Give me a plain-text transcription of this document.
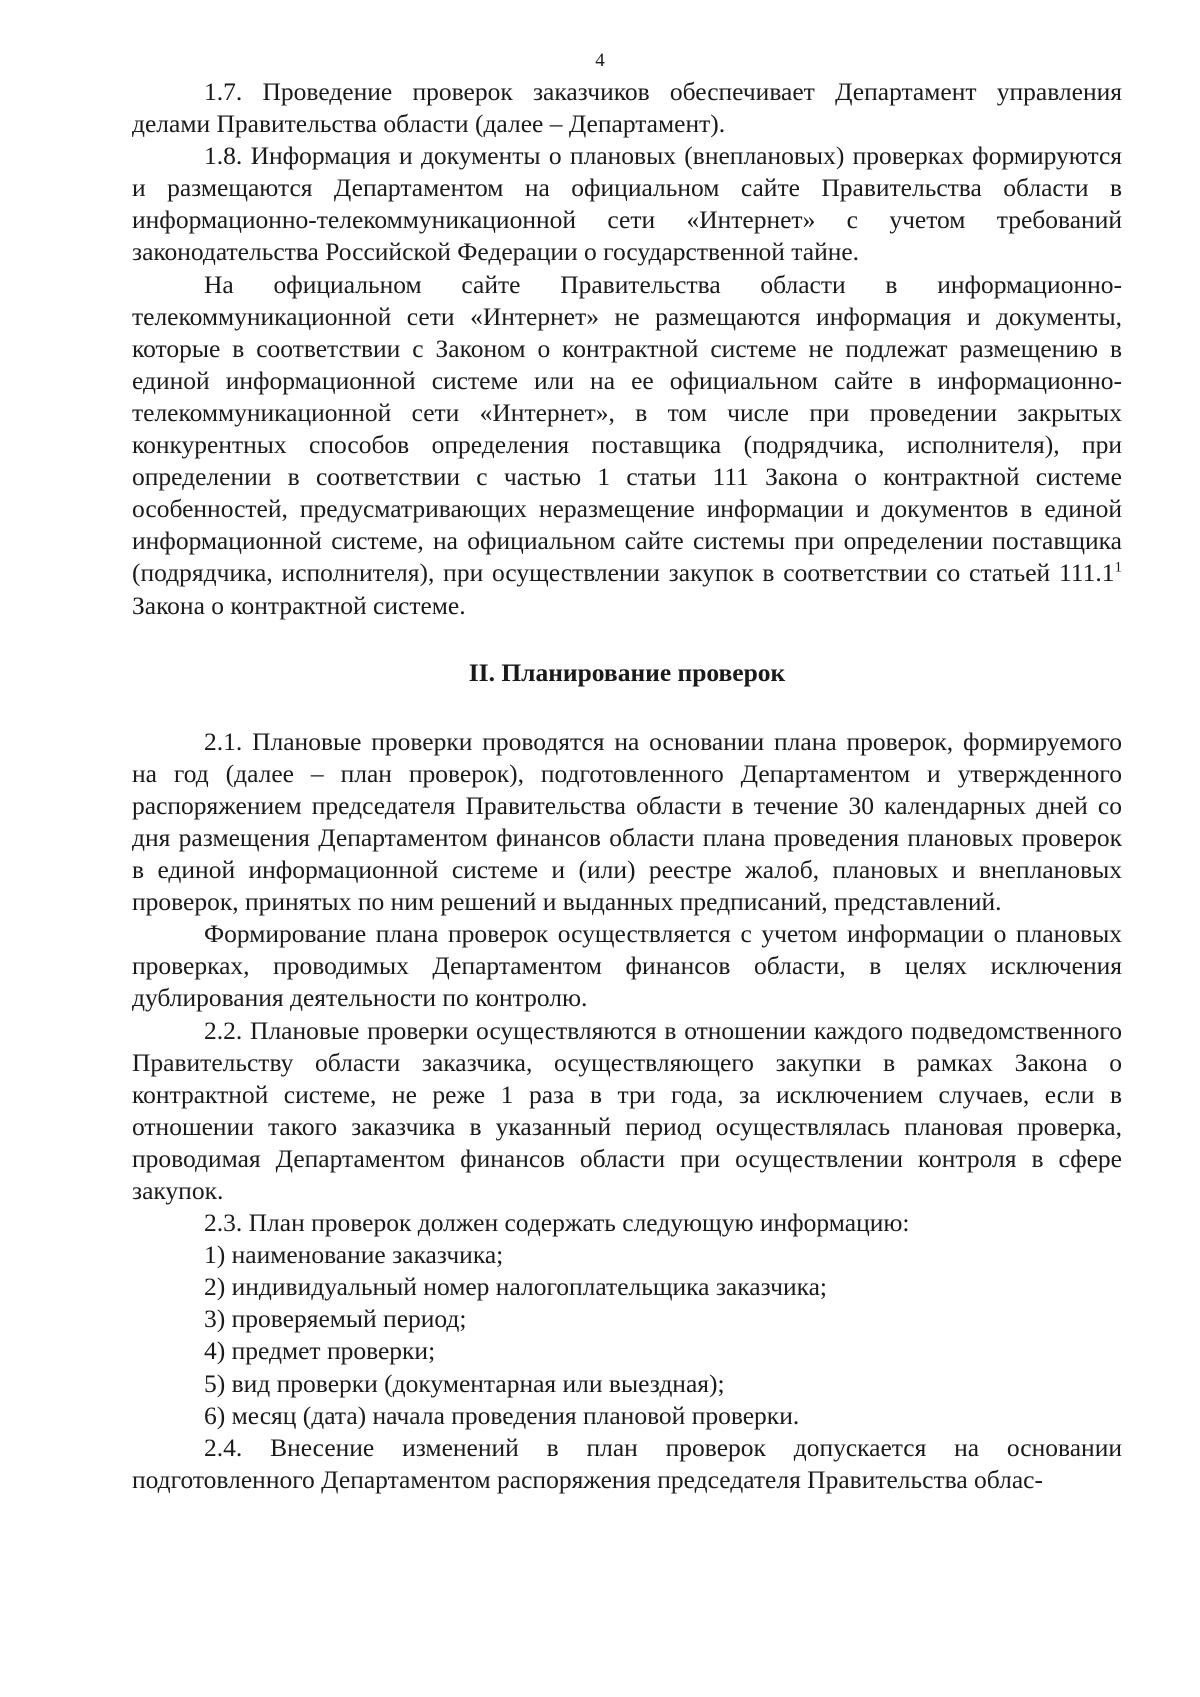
4

1.7. Проведение проверок заказчиков обеспечивает Департамент управления делами Правительства области (далее – Департамент).

1.8. Информация и документы о плановых (внеплановых) проверках формируются и размещаются Департаментом на официальном сайте Правительства области в информационно-телекоммуникационной сети «Интернет» с учетом требований законодательства Российской Федерации о государственной тайне.

На официальном сайте Правительства области в информационно-телекоммуникационной сети «Интернет» не размещаются информация и документы, которые в соответствии с Законом о контрактной системе не подлежат размещению в единой информационной системе или на ее официальном сайте в информационно-телекоммуникационной сети «Интернет», в том числе при проведении закрытых конкурентных способов определения поставщика (подрядчика, исполнителя), при определении в соответствии с частью 1 статьи 111 Закона о контрактной системе особенностей, предусматривающих неразмещение информации и документов в единой информационной системе, на официальном сайте системы при определении поставщика (подрядчика, исполнителя), при осуществлении закупок в соответствии со статьей 111.1$^1$ Закона о контрактной системе.

II. Планирование проверок

2.1. Плановые проверки проводятся на основании плана проверок, формируемого на год (далее – план проверок), подготовленного Департаментом и утвержденного распоряжением председателя Правительства области в течение 30 календарных дней со дня размещения Департаментом финансов области плана проведения плановых проверок в единой информационной системе и (или) реестре жалоб, плановых и внеплановых проверок, принятых по ним решений и выданных предписаний, представлений.

Формирование плана проверок осуществляется с учетом информации о плановых проверках, проводимых Департаментом финансов области, в целях исключения дублирования деятельности по контролю.

2.2. Плановые проверки осуществляются в отношении каждого подведомственного Правительству области заказчика, осуществляющего закупки в рамках Закона о контрактной системе, не реже 1 раза в три года, за исключением случаев, если в отношении такого заказчика в указанный период осуществлялась плановая проверка, проводимая Департаментом финансов области при осуществлении контроля в сфере закупок.

2.3. План проверок должен содержать следующую информацию:

1) наименование заказчика;

2) индивидуальный номер налогоплательщика заказчика;

3) проверяемый период;

4) предмет проверки;

5) вид проверки (документарная или выездная);

6) месяц (дата) начала проведения плановой проверки.

2.4. Внесение изменений в план проверок допускается на основании подготовленного Департаментом распоряжения председателя Правительства облас-
